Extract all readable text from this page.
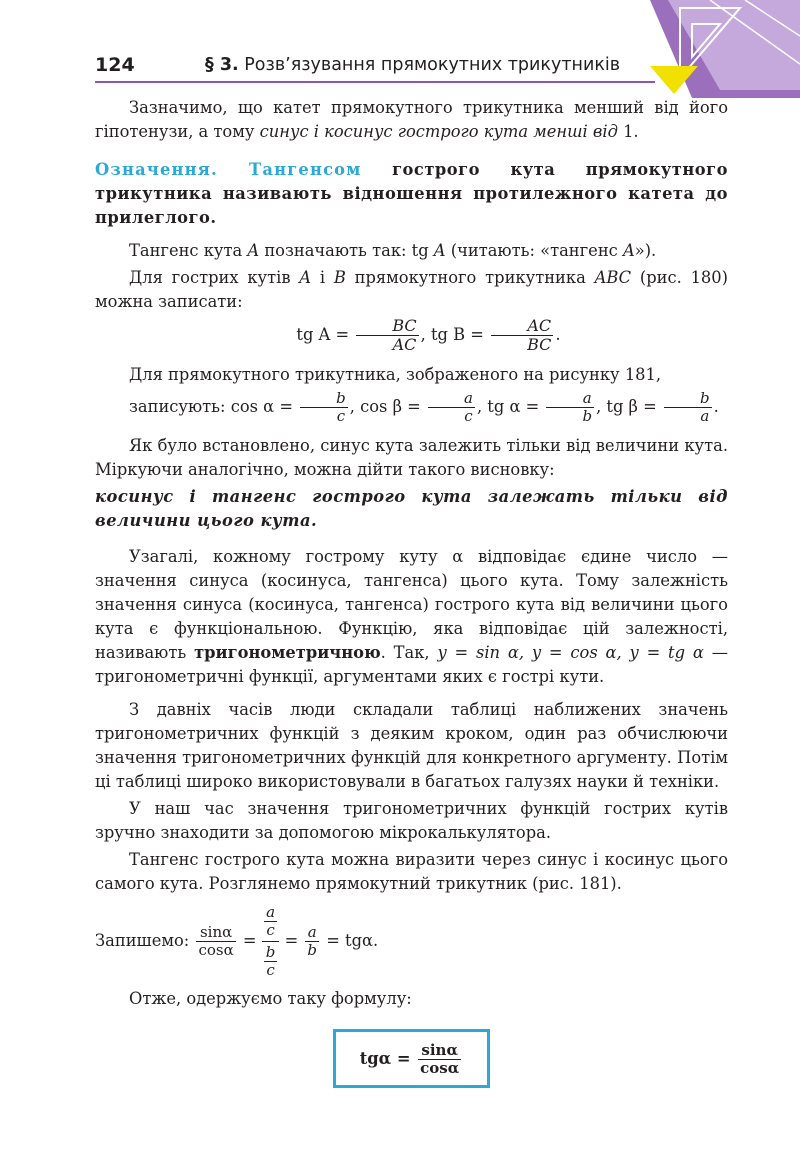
124	§ 3. Розв’язування прямокутних трикутників

Зазначимо, що катет прямокутного трикутника менший від його гіпотенузи, а тому синус і косинус гострого кута менші від 1.

Означення. Тангенсом гострого кута прямокутного трикутника називають відношення протилежного катета до прилеглого.

Тангенс кута A позначають так: tg A (читають: «тангенс A»).

Для гострих кутів A і B прямокутного трикутника ABC (рис. 180) можна записати:

tg $A = \frac{BC}{AC}$ , tg $B = \frac{AC}{BC}$ .

Для прямокутного трикутника, зображеного на рисунку 181,

записують: $\cos \alpha = \frac{b}{c}$ , $\cos \beta = \frac{a}{c}$ , tg $\alpha = \frac{a}{b}$ , tg $\beta = \frac{b}{a}$ .

Як було встановлено, синус кута залежить тільки від величини кута. Міркуючи аналогічно, можна дійти такого висновку:

косинус і тангенс гострого кута залежать тільки від величини цього кута.

Узагалі, кожному гострому куту α відповідає єдине число — значення синуса (косинуса, тангенса) цього кута. Тому залежність значення синуса (косинуса, тангенса) гострого кута від величини цього кута є функціональною. Функцію, яка відповідає цій залежності, називають тригонометричною. Так, y = sin α, y = cos α, y = tg α — тригонометричні функції, аргументами яких є гострі кути.

З давніх часів люди складали таблиці наближених значень тригонометричних функцій з деяким кроком, один раз обчислюючи значення тригонометричних функцій для конкретного аргументу. Потім ці таблиці широко використовували в багатьох галузях науки й техніки.

У наш час значення тригонометричних функцій гострих кутів зручно знаходити за допомогою мікрокалькулятора.

Тангенс гострого кута можна виразити через синус і косинус цього самого кута. Розглянемо прямокутний трикутник (рис. 181).

Запишемо: $\frac{\sin\alpha}{\cos\alpha} = \frac{\frac{a}{c}}{\frac{b}{c}} = \frac{a}{b} = tg\alpha$.

Отже, одержуємо таку формулу:

$tg\alpha = \frac{\sin\alpha}{\cos\alpha}$
